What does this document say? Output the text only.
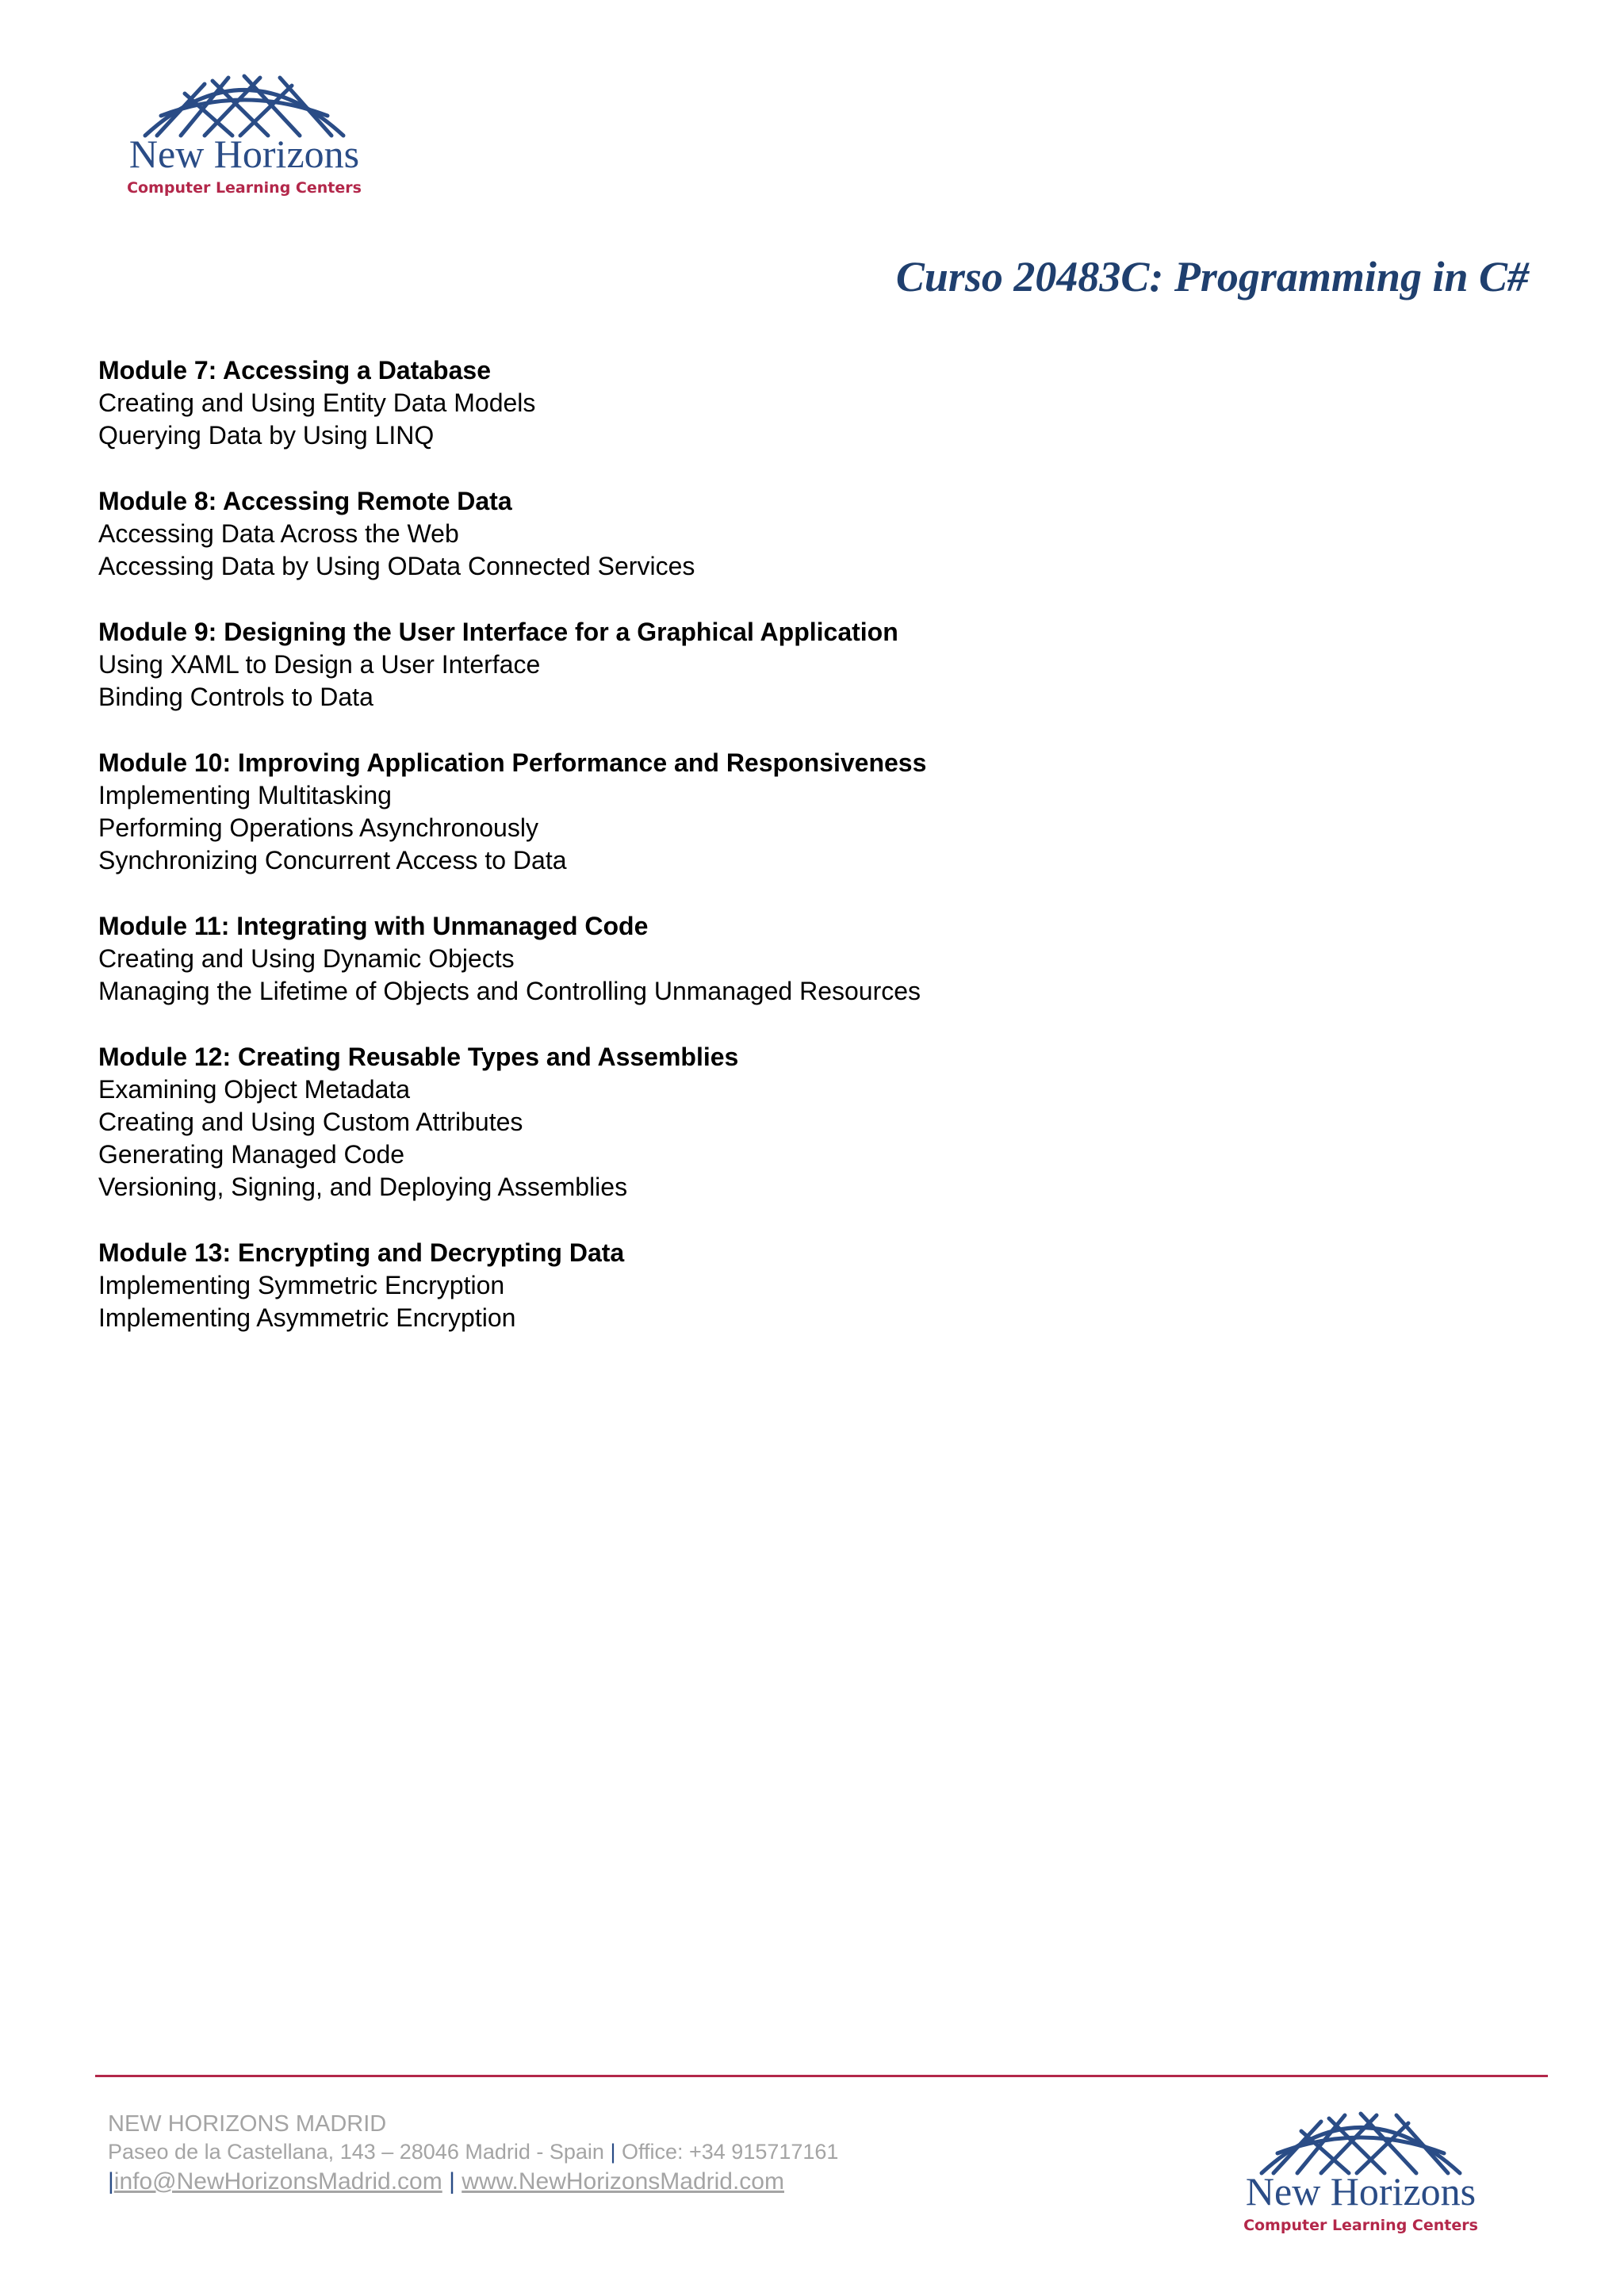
New Horizons
Computer Learning Centers
Curso 20483C: Programming in C#

Module 7: Accessing a Database

Creating and Using Entity Data Models

Querying Data by Using LINQ

Module 8: Accessing Remote Data

Accessing Data Across the Web

Accessing Data by Using OData Connected Services

Module 9: Designing the User Interface for a Graphical Application

Using XAML to Design a User Interface

Binding Controls to Data

Module 10: Improving Application Performance and Responsiveness

Implementing Multitasking

Performing Operations Asynchronously

Synchronizing Concurrent Access to Data

Module 11: Integrating with Unmanaged Code

Creating and Using Dynamic Objects

Managing the Lifetime of Objects and Controlling Unmanaged Resources

Module 12: Creating Reusable Types and Assemblies

Examining Object Metadata

Creating and Using Custom Attributes

Generating Managed Code

Versioning, Signing, and Deploying Assemblies

Module 13: Encrypting and Decrypting Data

Implementing Symmetric Encryption

Implementing Asymmetric Encryption

NEW HORIZONS MADRID

Paseo de la Castellana, 143 – 28046 Madrid - Spain | Office: +34 915717161

|info@NewHorizonsMadrid.com | www.NewHorizonsMadrid.com	New Horizons
Computer Learning Centers
